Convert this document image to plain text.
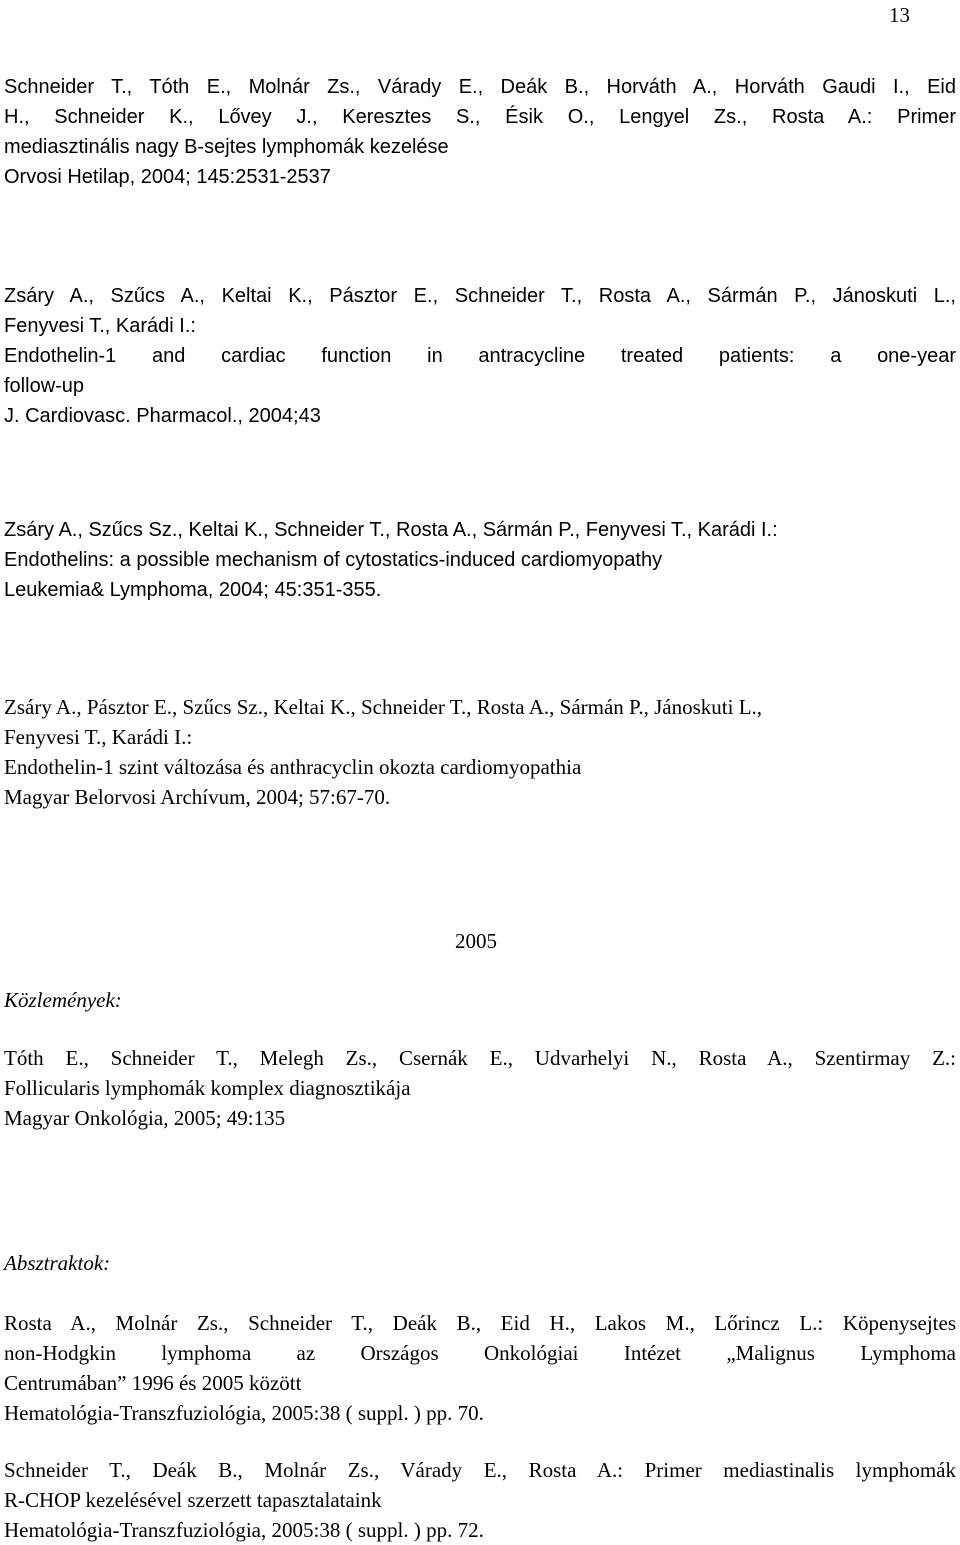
13
Schneider T., Tóth E., Molnár Zs., Várady E., Deák B., Horváth A., Horváth Gaudi I., Eid
H., Schneider K., Lővey J., Keresztes S., Ésik O., Lengyel Zs., Rosta A.: Primer
mediasztinális nagy B-sejtes lymphomák kezelése
Orvosi Hetilap, 2004; 145:2531-2537
Zsáry A., Szűcs A., Keltai K., Pásztor E., Schneider T., Rosta A., Sármán P., Jánoskuti L.,
Fenyvesi T., Karádi I.:
Endothelin-1 and cardiac function in antracycline treated patients: a one-year
follow-up
J. Cardiovasc. Pharmacol., 2004;43
Zsáry A., Szűcs Sz., Keltai K., Schneider T., Rosta A., Sármán P., Fenyvesi T., Karádi I.:
Endothelins: a possible mechanism of cytostatics-induced cardiomyopathy
Leukemia& Lymphoma, 2004; 45:351-355.
Zsáry A., Pásztor E., Szűcs Sz., Keltai K., Schneider T., Rosta A., Sármán P., Jánoskuti L.,
Fenyvesi T., Karádi I.:
Endothelin-1 szint változása és anthracyclin okozta cardiomyopathia
Magyar Belorvosi Archívum, 2004; 57:67-70.
2005
Közlemények:
Tóth E., Schneider T., Melegh Zs., Csernák E., Udvarhelyi N., Rosta A., Szentirmay Z.:
Follicularis lymphomák komplex diagnosztikája
Magyar Onkológia, 2005; 49:135
Absztraktok:
Rosta A., Molnár Zs., Schneider T., Deák B., Eid H., Lakos M., Lőrincz L.: Köpenysejtes
non-Hodgkin lymphoma az Országos Onkológiai Intézet „Malignus Lymphoma
Centrumában” 1996 és 2005 között
Hematológia-Transzfuziológia, 2005:38 ( suppl. ) pp. 70.
Schneider T., Deák B., Molnár Zs., Várady E., Rosta A.: Primer mediastinalis lymphomák
R-CHOP kezelésével szerzett tapasztalataink
Hematológia-Transzfuziológia, 2005:38 ( suppl. ) pp. 72.
